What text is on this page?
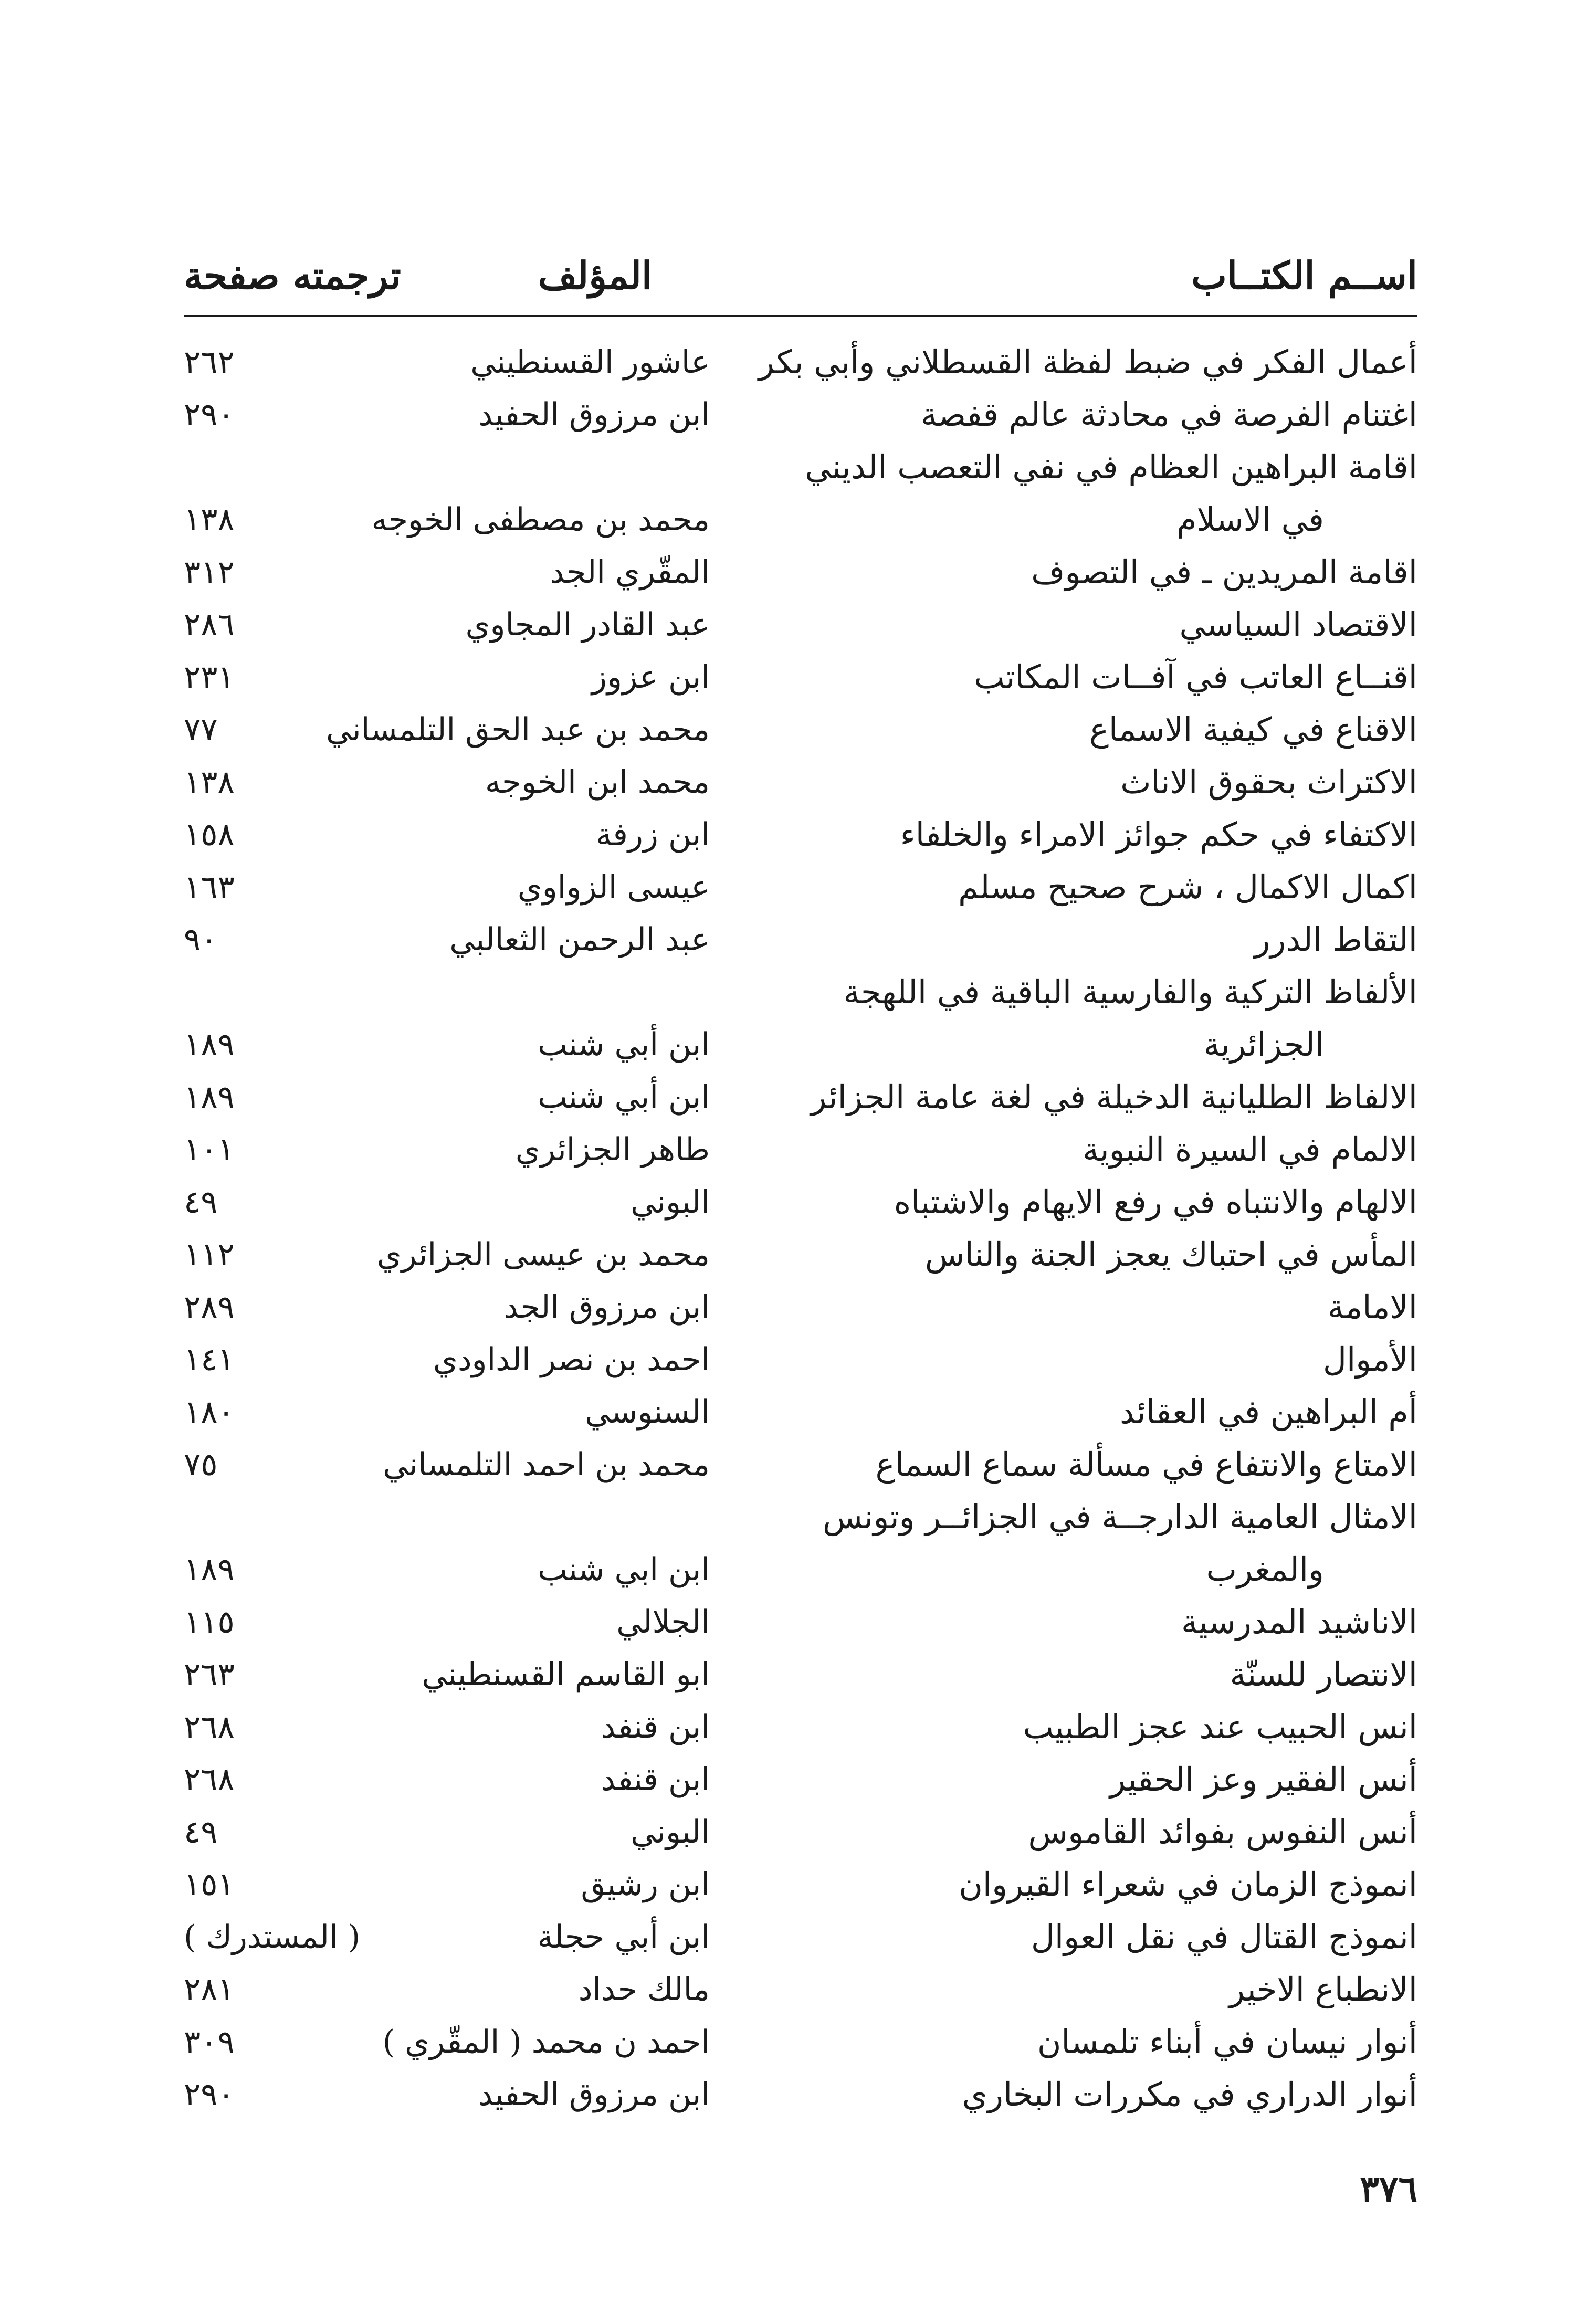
اســم الكتــاب
المؤلف
ترجمته صفحة
أعمال الفكر في ضبط لفظة القسطلاني وأبي بكر
عاشور القسنطيني
٢٦٢
اغتنام الفرصة في محادثة عالم قفصة
ابن مرزوق الحفيد
٢٩٠
اقامة البراهين العظام في نفي التعصب الديني
في الاسلام
محمد بن مصطفى الخوجه
١٣٨
اقامة المريدين ـ في التصوف
المقّري الجد
٣١٢
الاقتصاد السياسي
عبد القادر المجاوي
٢٨٦
اقنــاع العاتب في آفــات المكاتب
ابن عزوز
٢٣١
الاقناع في كيفية الاسماع
محمد بن عبد الحق التلمساني
٧٧
الاكتراث بحقوق الاناث
محمد ابن الخوجه
١٣٨
الاكتفاء في حكم جوائز الامراء والخلفاء
ابن زرفة
١٥٨
اكمال الاكمال ، شرح صحيح مسلم
عيسى الزواوي
١٦٣
التقاط الدرر
عبد الرحمن الثعالبي
٩٠
الألفاظ التركية والفارسية الباقية في اللهجة
الجزائرية
ابن أبي شنب
١٨٩
الالفاظ الطليانية الدخيلة في لغة عامة الجزائر
ابن أبي شنب
١٨٩
الالمام في السيرة النبوية
طاهر الجزائري
١٠١
الالهام والانتباه في رفع الايهام والاشتباه
البوني
٤٩
المأس في احتباك يعجز الجنة والناس
محمد بن عيسى الجزائري
١١٢
الامامة
ابن مرزوق الجد
٢٨٩
الأموال
احمد بن نصر الداودي
١٤١
أم البراهين في العقائد
السنوسي
١٨٠
الامتاع والانتفاع في مسألة سماع السماع
محمد بن احمد التلمساني
٧٥
الامثال العامية الدارجــة في الجزائــر وتونس
والمغرب
ابن ابي شنب
١٨٩
الاناشيد المدرسية
الجلالي
١١٥
الانتصار للسنّة
ابو القاسم القسنطيني
٢٦٣
انس الحبيب عند عجز الطبيب
ابن قنفد
٢٦٨
أنس الفقير وعز الحقير
ابن قنفد
٢٦٨
أنس النفوس بفوائد القاموس
البوني
٤٩
انموذج الزمان في شعراء القيروان
ابن رشيق
١٥١
انموذج القتال في نقل العوال
ابن أبي حجلة
( المستدرك )
الانطباع الاخير
مالك حداد
٢٨١
أنوار نيسان في أبناء تلمسان
احمد ن محمد ( المقّري )
٣٠٩
أنوار الدراري في مكررات البخاري
ابن مرزوق الحفيد
٢٩٠
٣٧٦
